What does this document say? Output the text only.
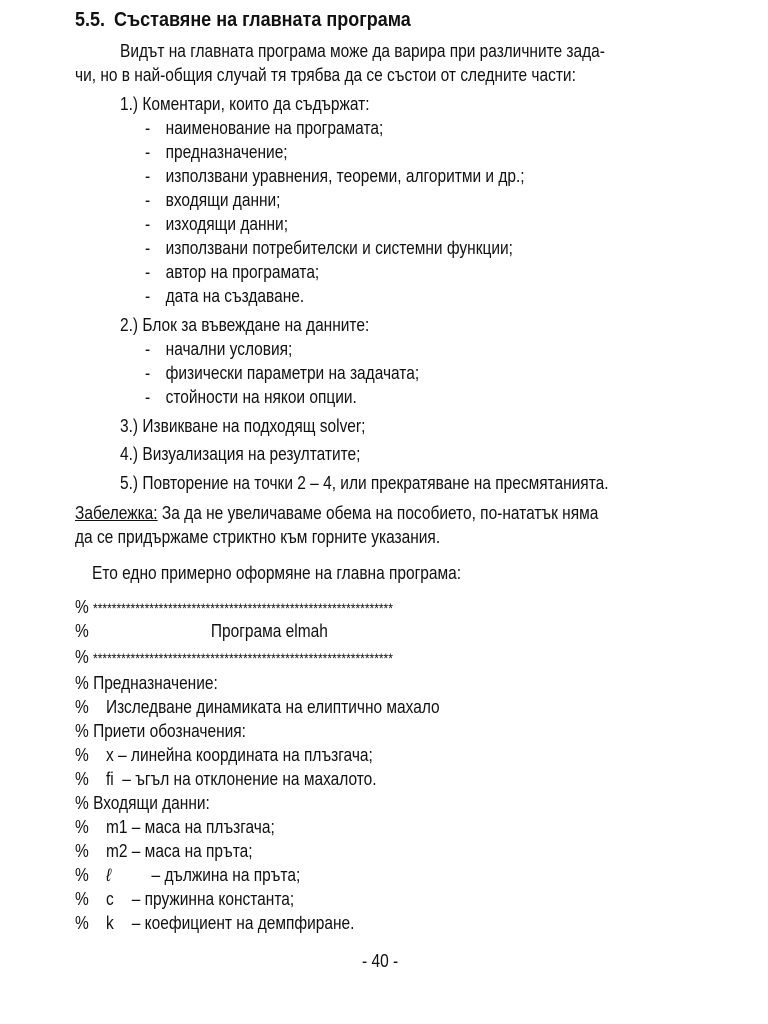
5.5. Съставяне на главната програма
Видът на главната програма може да варира при различните зада-
чи, но в най-общия случай тя трябва да се състои от следните части:
1.) Коментари, които да съдържат:
- наименование на програмата;
- предназначение;
- използвани уравнения, теореми, алгоритми и др.;
- входящи данни;
- изходящи данни;
- използвани потребителски и системни функции;
- автор на програмата;
- дата на създаване.
2.) Блок за въвеждане на данните:
- начални условия;
- физически параметри на задачата;
- стойности на някои опции.
3.) Извикване на подходящ solver;
4.) Визуализация на резултатите;
5.) Повторение на точки 2 – 4, или прекратяване на пресмятанията.
Забележка: За да не увеличаваме обема на пособието, по-нататък няма
да се придържаме стриктно към горните указания.
Ето едно примерно оформяне на главна програма:
% ****************************************************************
%	Програма elmah
% ****************************************************************
% Предназначение:
% Изследване динамиката на елиптично махало
% Приети обозначения:
% x – линейна координата на плъзгача;
% fi – ъгъл на отклонение на махалото.
% Входящи данни:
% m1 – маса на плъзгача;
% m2 – маса на пръта;
% ℓ – дължина на пръта;
% c – пружинна константа;
% k – коефициент на демпфиране.
- 40 -
